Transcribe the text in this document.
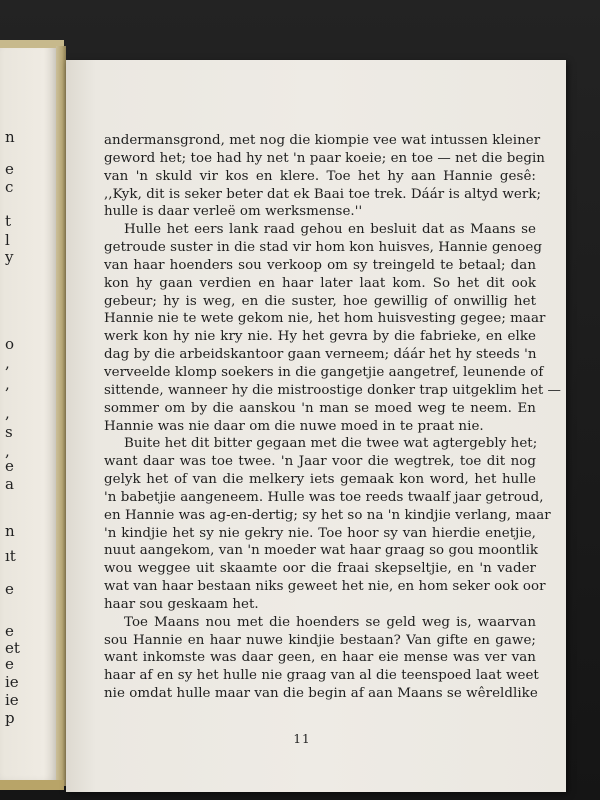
n
e
c
t
l
y
o
,
,
,
s
,
e
a
n
ıt
e
e
et
e
ie
ie
p
andermansgrond, met nog die kiompie vee wat intussen kleiner
geword het; toe had hy net 'n paar koeie; en toe — net die begin
van 'n skuld vir kos en klere. Toe het hy aan Hannie gesê:
,,Kyk, dit is seker beter dat ek Baai toe trek. Dáár is altyd werk;
hulle is daar verleë om werksmense.''
Hulle het eers lank raad gehou en besluit dat as Maans se
getroude suster in die stad vir hom kon huisves, Hannie genoeg
van haar hoenders sou verkoop om sy treingeld te betaal; dan
kon hy gaan verdien en haar later laat kom. So het dit ook
gebeur; hy is weg, en die suster, hoe gewillig of onwillig het
Hannie nie te wete gekom nie, het hom huisvesting gegee; maar
werk kon hy nie kry nie. Hy het gevra by die fabrieke, en elke
dag by die arbeidskantoor gaan verneem; dáár het hy steeds 'n
verveelde klomp soekers in die gangetjie aangetref, leunende of
sittende, wanneer hy die mistroostige donker trap uitgeklim het —
sommer om by die aanskou 'n man se moed weg te neem. En
Hannie was nie daar om die nuwe moed in te praat nie.
Buite het dit bitter gegaan met die twee wat agtergebly het;
want daar was toe twee. 'n Jaar voor die wegtrek, toe dit nog
gelyk het of van die melkery iets gemaak kon word, het hulle
'n babetjie aangeneem. Hulle was toe reeds twaalf jaar getroud,
en Hannie was ag-en-dertig; sy het so na 'n kindjie verlang, maar
'n kindjie het sy nie gekry nie. Toe hoor sy van hierdie enetjie,
nuut aangekom, van 'n moeder wat haar graag so gou moontlik
wou weggee uit skaamte oor die fraai skepseltjie, en 'n vader
wat van haar bestaan niks geweet het nie, en hom seker ook oor
haar sou geskaam het.
Toe Maans nou met die hoenders se geld weg is, waarvan
sou Hannie en haar nuwe kindjie bestaan? Van gifte en gawe;
want inkomste was daar geen, en haar eie mense was ver van
haar af en sy het hulle nie graag van al die teenspoed laat weet
nie omdat hulle maar van die begin af aan Maans se wêreldlike
11
